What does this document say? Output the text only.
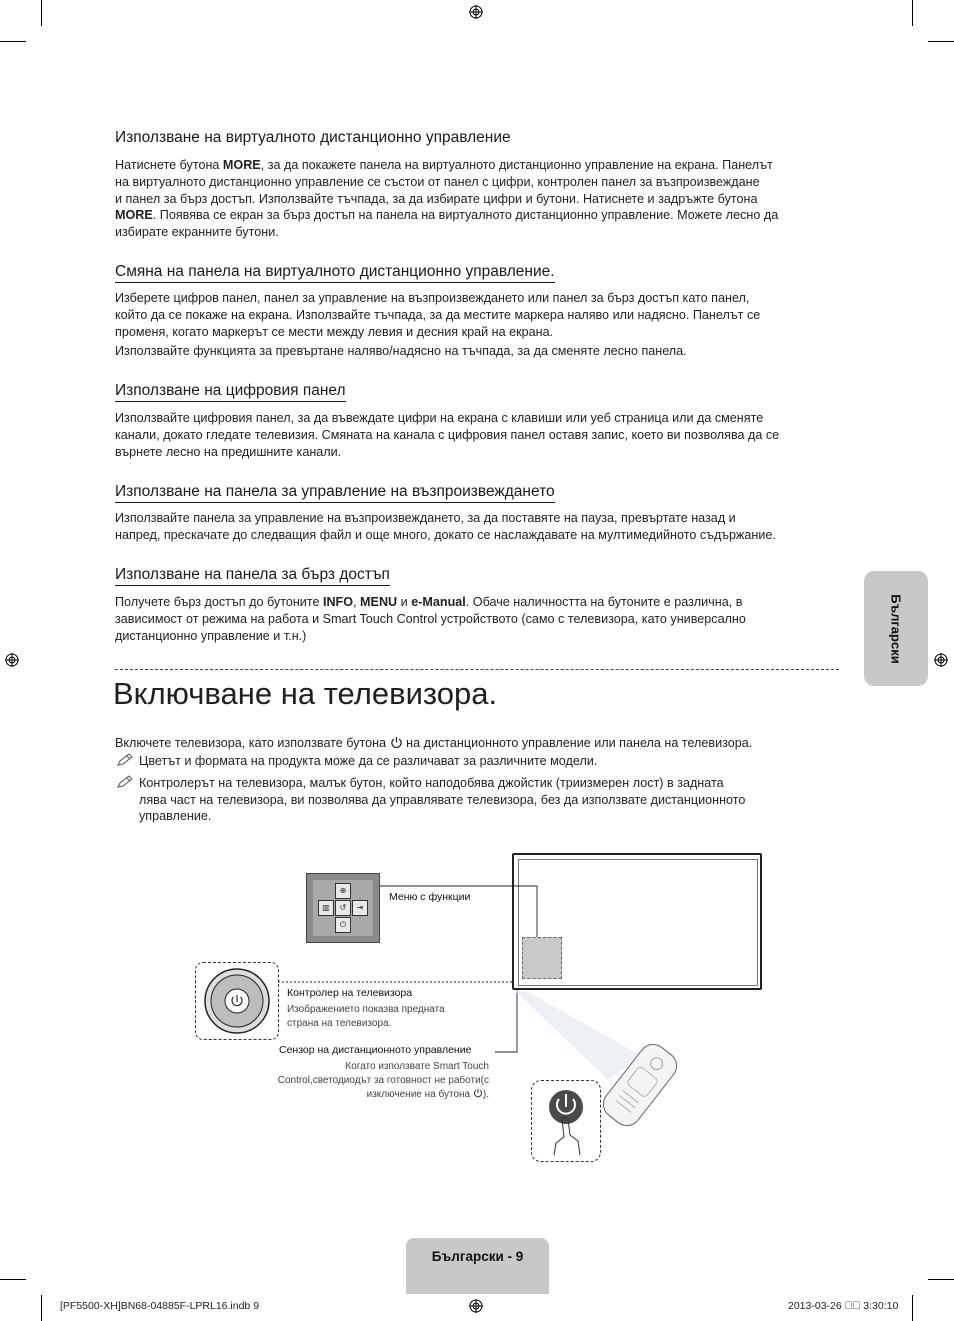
Използване на виртуалното дистанционно управление
Натиснете бутона MORE, за да покажете панела на виртуалното дистанционно управление на екрана. Панелът
на виртуалното дистанционно управление се състои от панел с цифри, контролен панел за възпроизвеждане
и панел за бърз достъп. Използвайте тъчпада, за да избирате цифри и бутони. Натиснете и задръжте бутона
MORE. Появява се екран за бърз достъп на панела на виртуалното дистанционно управление. Можете лесно да
избирате екранните бутони.
Смяна на панела на виртуалното дистанционно управление.
Изберете цифров панел, панел за управление на възпроизвеждането или панел за бърз достъп като панел,
който да се покаже на екрана. Използвайте тъчпада, за да местите маркера наляво или надясно. Панелът се
променя, когато маркерът се мести между левия и десния край на екрана.
Използвайте функцията за превъртане наляво/надясно на тъчпада, за да сменяте лесно панела.
Използване на цифровия панел
Използвайте цифровия панел, за да въвеждате цифри на екрана с клавиши или уеб страница или да сменяте
канали, докато гледате телевизия. Смяната на канала с цифровия панел оставя запис, което ви позволява да се
върнете лесно на предишните канали.
Използване на панела за управление на възпроизвеждането
Използвайте панела за управление на възпроизвеждането, за да поставяте на пауза, превъртате назад и
напред, прескачате до следващия файл и още много, докато се наслаждавате на мултимедийното съдържание.
Използване на панела за бърз достъп
Получете бърз достъп до бутоните INFO, MENU и e-Manual. Обаче наличността на бутоните е различна, в
зависимост от режима на работа и Smart Touch Control устройството (само с телевизора, като универсално
дистанционно управление и т.н.)
Включване на телевизора.
Включете телевизора, като използвате бутона на дистанционното управление или панела на телевизора.
Цветът и формата на продукта може да се различават за различните модели.
Контролерът на телевизора, малък бутон, който наподобява джойстик (триизмерен лост) в задната
лява част на телевизора, ви позволява да управлявате телевизора, без да използвате дистанционното
управление.
⊕
▥	↺	⇥
⏻
Меню с функции
Контролер на телевизора
Изображението показва предната
страна на телевизора.
Сензор на дистанционното управление
Когато използвате Smart Touch
Control,светодиодът за готовност не работи(с
изключение на бутона ).
Български
Български - 9
[PF5500-XH]BN68-04885F-LPRL16.indb 9	2013-03-26 ￿￿ 3:30:10
